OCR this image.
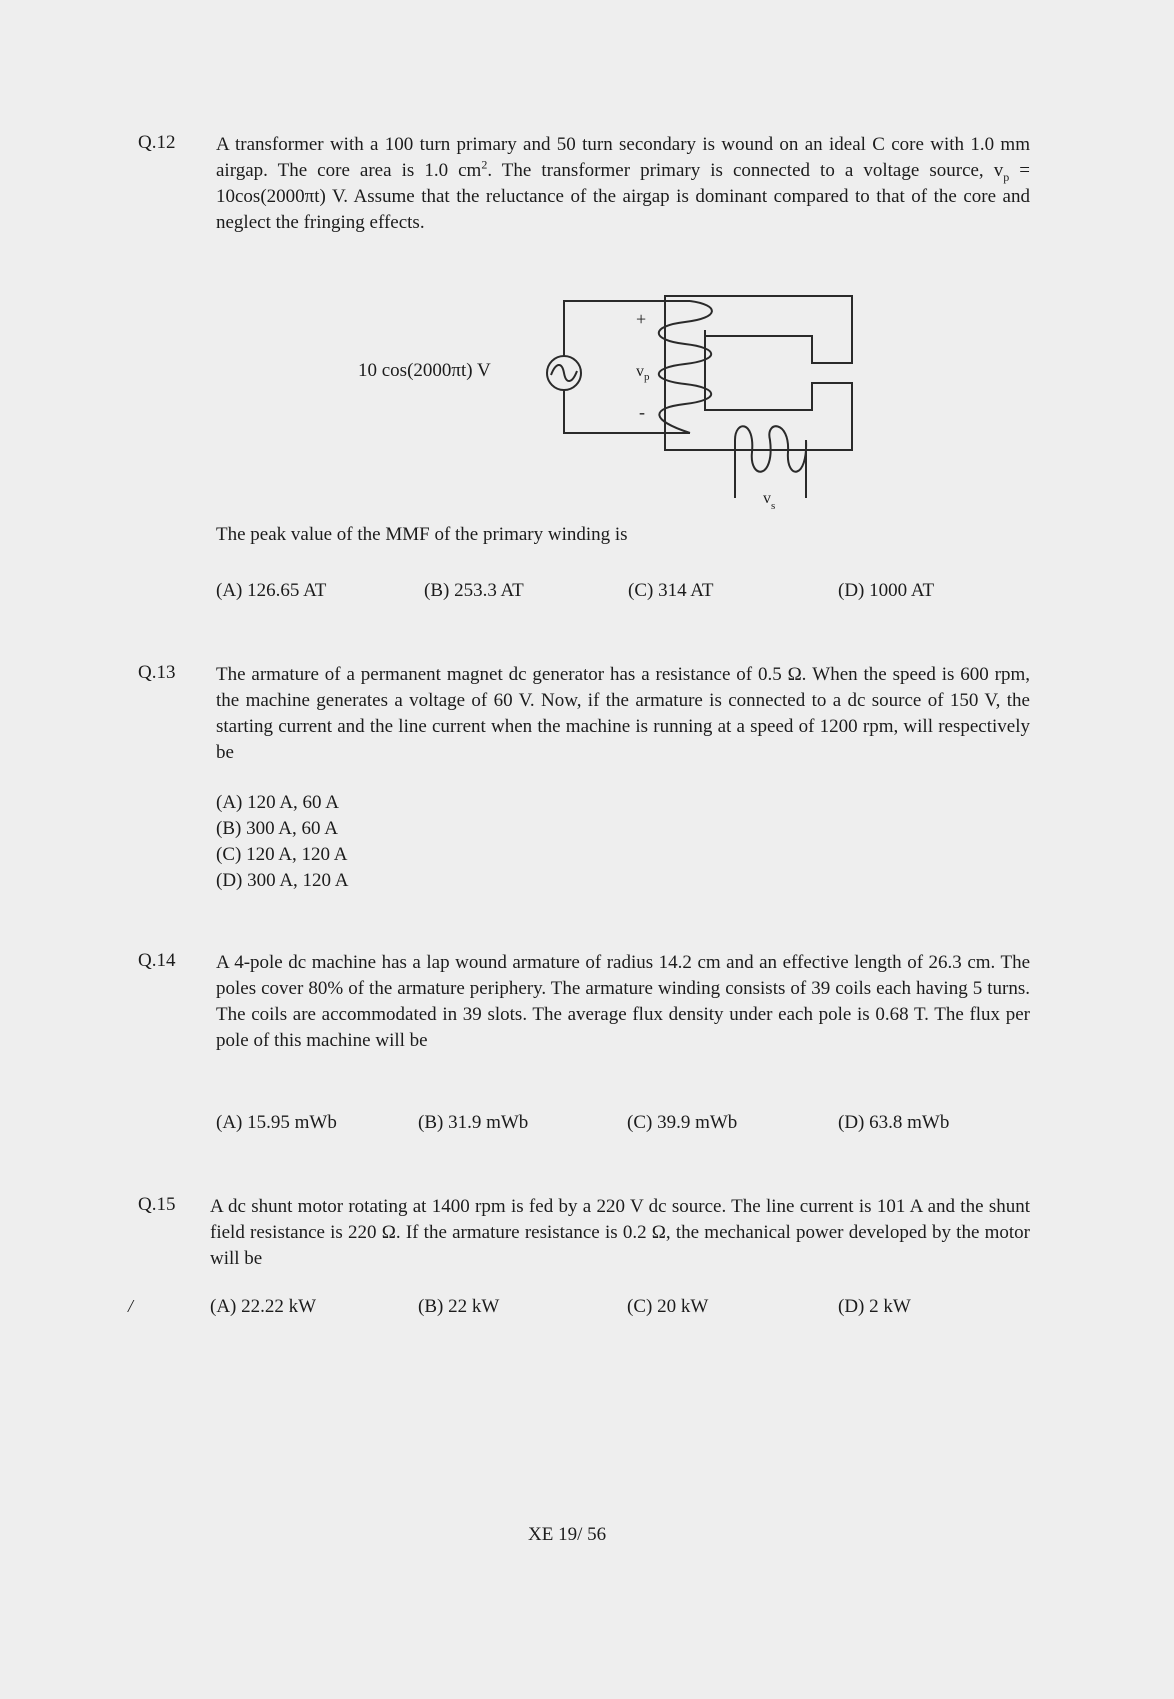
Q.12 A transformer with a 100 turn primary and 50 turn secondary is wound on an ideal C core with 1.0 mm airgap. The core area is 1.0 $cm^2$. The transformer primary is connected to a voltage source, $v_p = 10\cos(2000\pi t)$ V. Assume that the reluctance of the airgap is dominant compared to that of the core and neglect the fringing effects.
10 cos(2000πt) V
+
-
$v_p$
$v_s$
The peak value of the MMF of the primary winding is
(A) 126.65 AT	(B) 253.3 AT	(C) 314 AT	(D) 1000 AT
Q.13 The armature of a permanent magnet dc generator has a resistance of 0.5 Ω. When the speed is 600 rpm, the machine generates a voltage of 60 V. Now, if the armature is connected to a dc source of 150 V, the starting current and the line current when the machine is running at a speed of 1200 rpm, will respectively be
(A) 120 A, 60 A
(B) 300 A, 60 A
(C) 120 A, 120 A
(D) 300 A, 120 A
Q.14 A 4-pole dc machine has a lap wound armature of radius 14.2 cm and an effective length of 26.3 cm. The poles cover 80% of the armature periphery. The armature winding consists of 39 coils each having 5 turns. The coils are accommodated in 39 slots. The average flux density under each pole is 0.68 T. The flux per pole of this machine will be
(A) 15.95 mWb	(B) 31.9 mWb	(C) 39.9 mWb	(D) 63.8 mWb
Q.15 A dc shunt motor rotating at 1400 rpm is fed by a 220 V dc source. The line current is 101 A and the shunt field resistance is 220 Ω. If the armature resistance is 0.2 Ω, the mechanical power developed by the motor will be
(A) 22.22 kW	(B) 22 kW	(C) 20 kW	(D) 2 kW
/
XE 19/ 56
